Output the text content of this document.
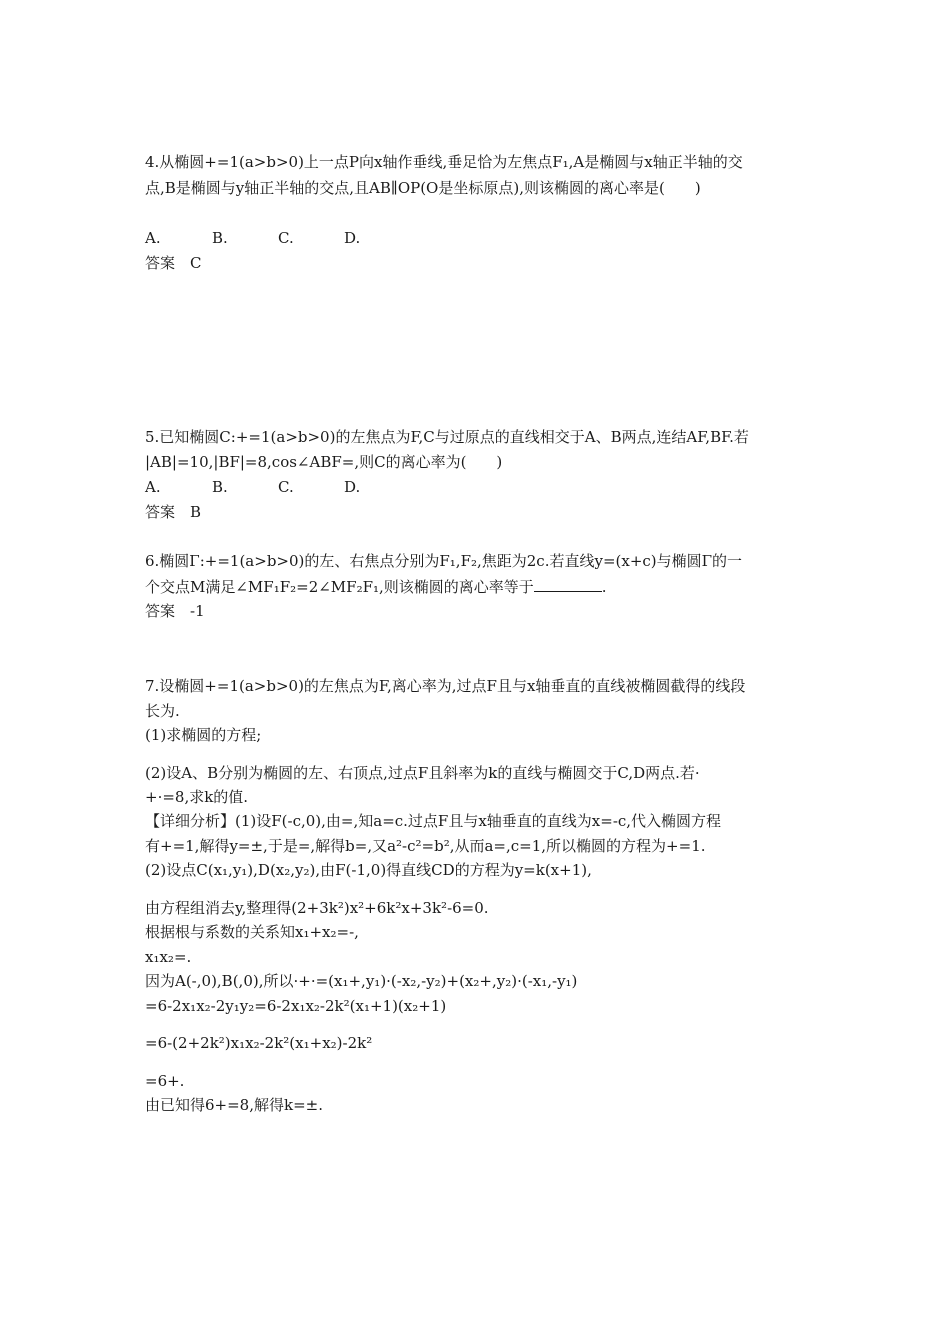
4.从椭圆+=1(a>b>0)上一点P向x轴作垂线,垂足恰为左焦点F₁,A是椭圆与x轴正半轴的交
点,B是椭圆与y轴正半轴的交点,且AB∥OP(O是坐标原点),则该椭圆的离心率是(　　)
A.	B.	C.	D.
答案　C
5.已知椭圆C:+=1(a>b>0)的左焦点为F,C与过原点的直线相交于A、B两点,连结AF,BF.若
|AB|=10,|BF|=8,cos∠ABF=,则C的离心率为(　　)
A.	B.	C.	D.
答案　B
6.椭圆Γ:+=1(a>b>0)的左、右焦点分别为F₁,F₂,焦距为2c.若直线y=(x+c)与椭圆Γ的一
个交点M满足∠MF₁F₂=2∠MF₂F₁,则该椭圆的离心率等于	.
答案　-1
7.设椭圆+=1(a>b>0)的左焦点为F,离心率为,过点F且与x轴垂直的直线被椭圆截得的线段
长为.
(1)求椭圆的方程;
(2)设A、B分别为椭圆的左、右顶点,过点F且斜率为k的直线与椭圆交于C,D两点.若·
+·=8,求k的值.
【详细分析】(1)设F(-c,0),由=,知a=c.过点F且与x轴垂直的直线为x=-c,代入椭圆方程
有+=1,解得y=±,于是=,解得b=,又a²-c²=b²,从而a=,c=1,所以椭圆的方程为+=1.
(2)设点C(x₁,y₁),D(x₂,y₂),由F(-1,0)得直线CD的方程为y=k(x+1),
由方程组消去y,整理得(2+3k²)x²+6k²x+3k²-6=0.
根据根与系数的关系知x₁+x₂=-,
x₁x₂=.
因为A(-,0),B(,0),所以·+·=(x₁+,y₁)·(-x₂,-y₂)+(x₂+,y₂)·(-x₁,-y₁)
=6-2x₁x₂-2y₁y₂=6-2x₁x₂-2k²(x₁+1)(x₂+1)
=6-(2+2k²)x₁x₂-2k²(x₁+x₂)-2k²
=6+.
由已知得6+=8,解得k=±.
